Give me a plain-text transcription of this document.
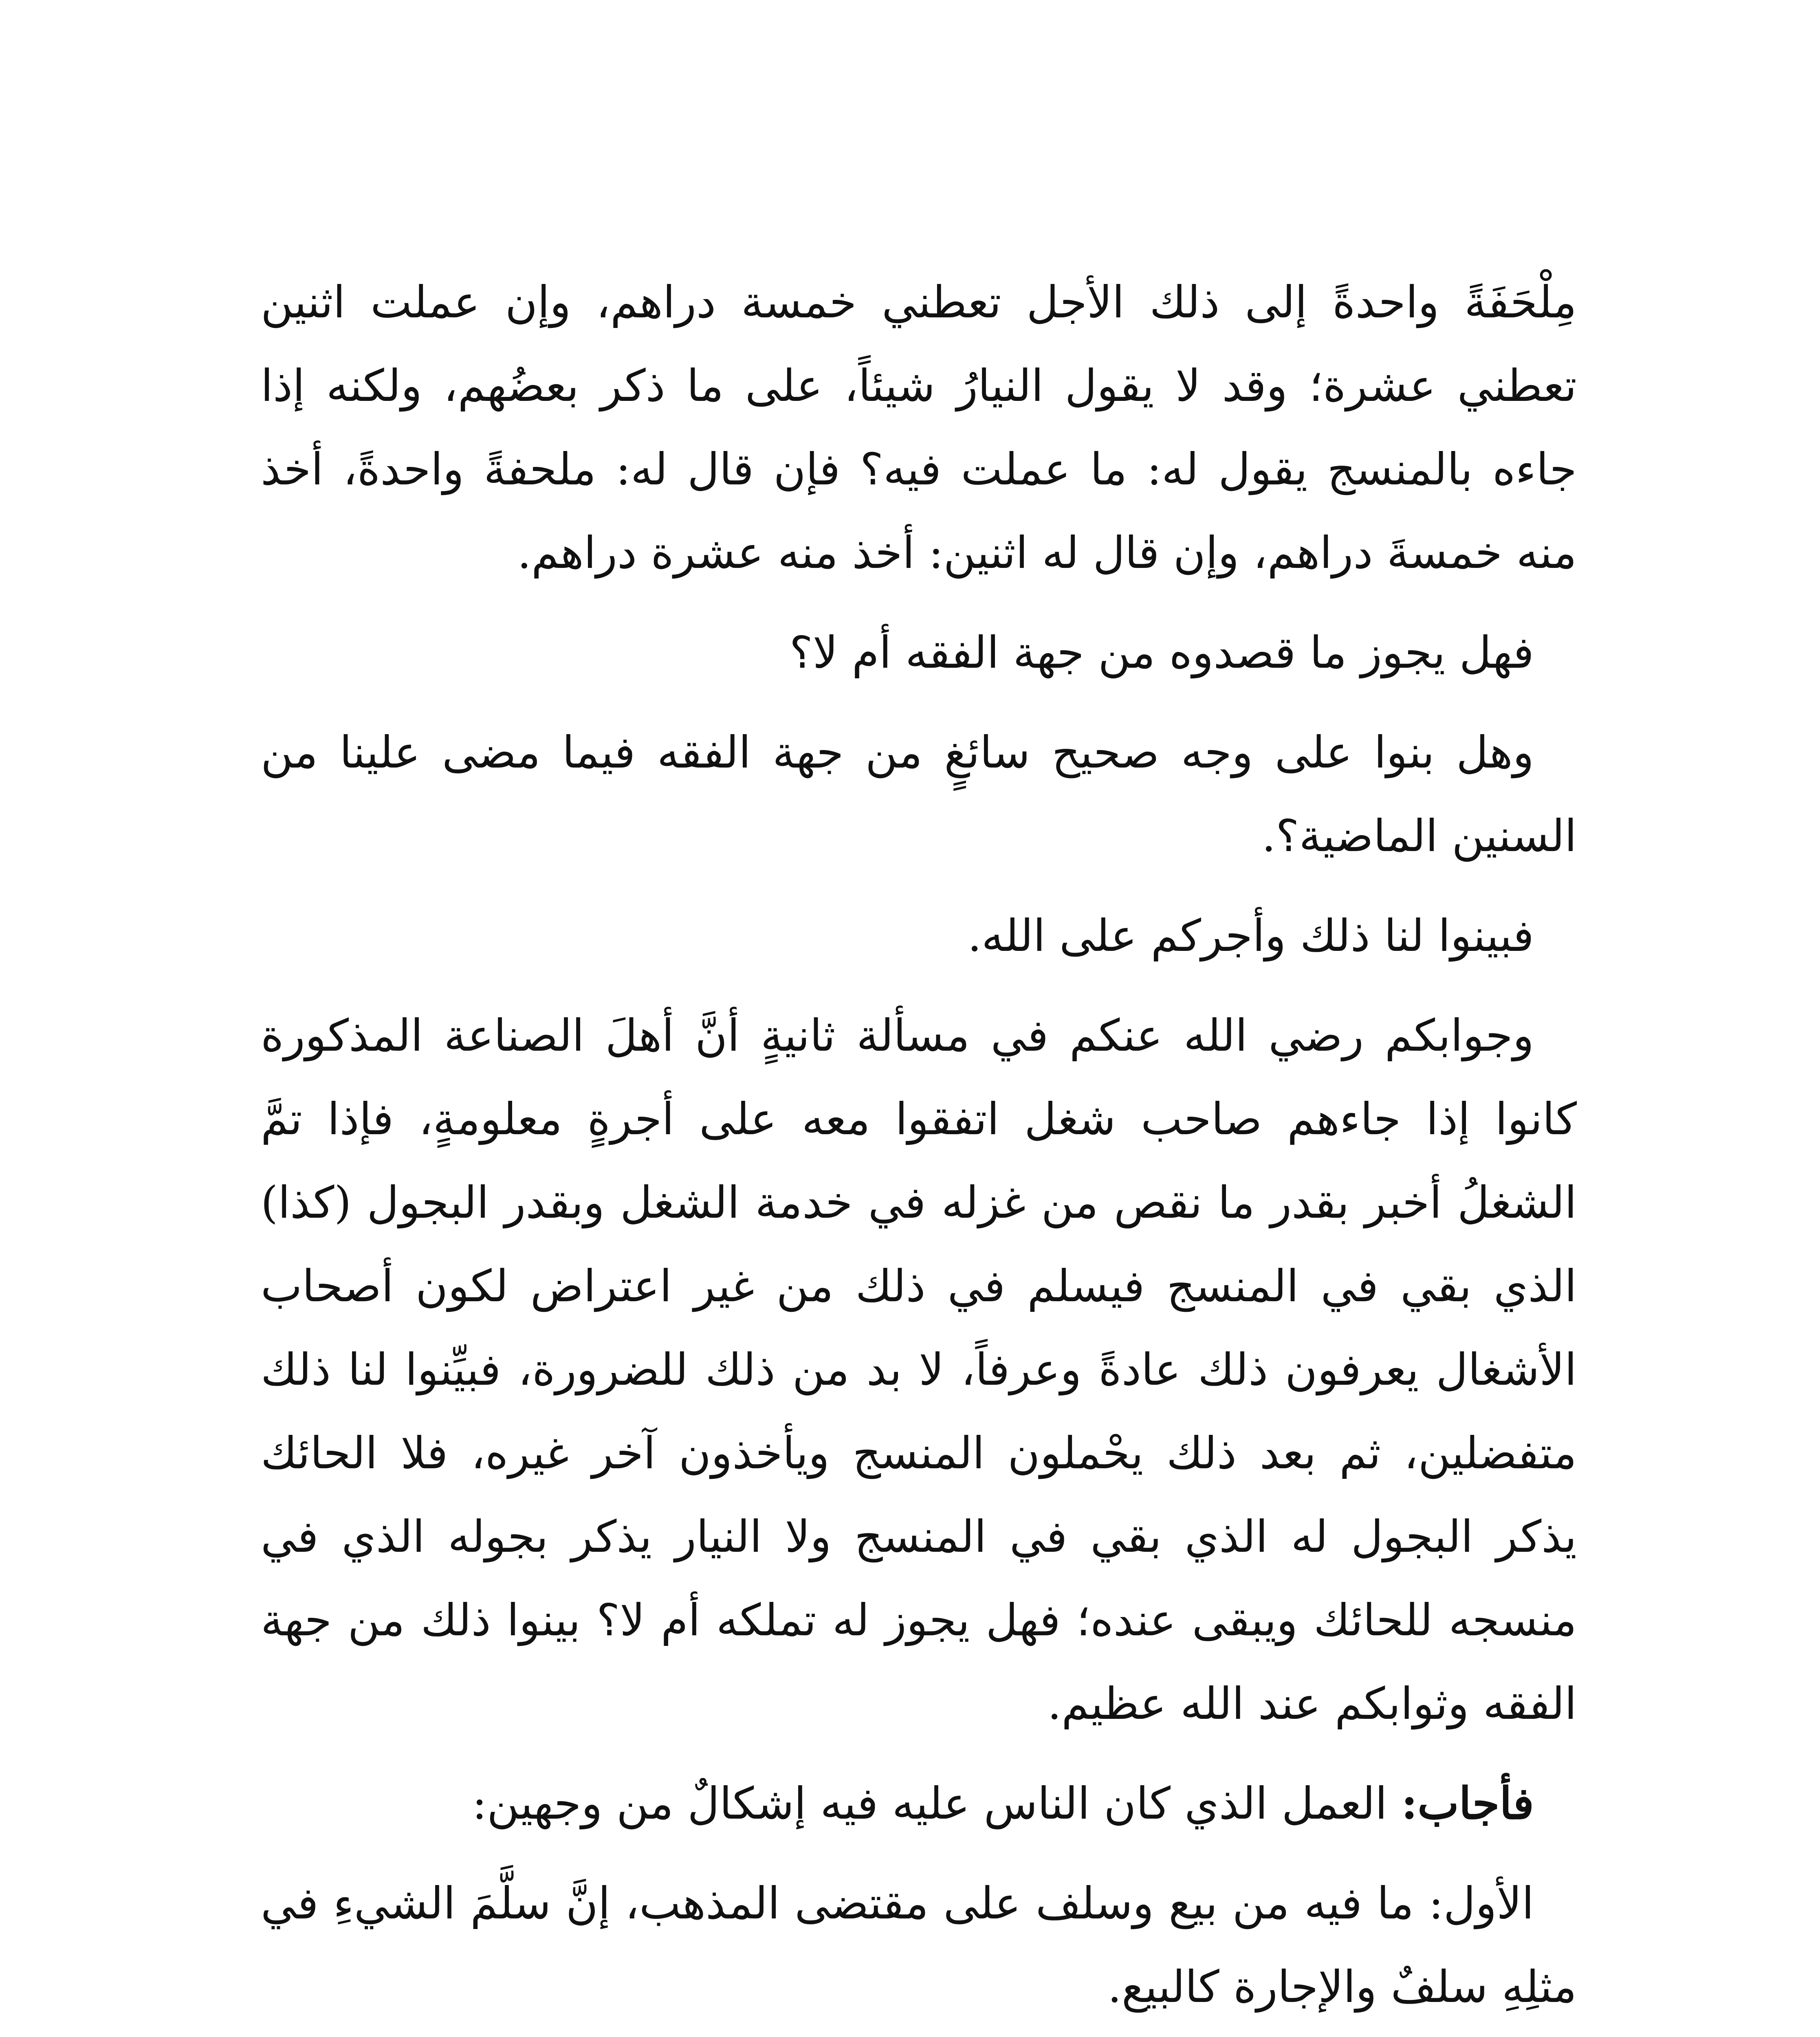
مِلْحَفَةً واحدةً إلى ذلك الأجل تعطني خمسة دراهم، وإن عملت اثنين تعطني عشرة؛ وقد لا يقول النيارُ شيئاً، على ما ذكر بعضُهم، ولكنه إذا جاءه بالمنسج يقول له: ما عملت فيه؟ فإن قال له: ملحفةً واحدةً، أخذ منه خمسةَ دراهم، وإن قال له اثنين: أخذ منه عشرة دراهم.

فهل يجوز ما قصدوه من جهة الفقه أم لا؟

وهل بنوا على وجه صحيح سائغٍ من جهة الفقه فيما مضى علينا من السنين الماضية؟.

فبينوا لنا ذلك وأجركم على الله.

وجوابكم رضي الله عنكم في مسألة ثانيةٍ أنَّ أهلَ الصناعة المذكورة كانوا إذا جاءهم صاحب شغل اتفقوا معه على أجرةٍ معلومةٍ، فإذا تمَّ الشغلُ أخبر بقدر ما نقص من غزله في خدمة الشغل وبقدر البجول (كذا) الذي بقي في المنسج فيسلم في ذلك من غير اعتراض لكون أصحاب الأشغال يعرفون ذلك عادةً وعرفاً، لا بد من ذلك للضرورة، فبيِّنوا لنا ذلك متفضلين، ثم بعد ذلك يحْملون المنسج ويأخذون آخر غيره، فلا الحائك يذكر البجول له الذي بقي في المنسج ولا النيار يذكر بجوله الذي في منسجه للحائك ويبقى عنده؛ فهل يجوز له تملكه أم لا؟ بينوا ذلك من جهة الفقه وثوابكم عند الله عظيم.

فأجاب: العمل الذي كان الناس عليه فيه إشكالٌ من وجهين:

الأول: ما فيه من بيع وسلف على مقتضى المذهب، إنَّ سلَّمَ الشيءِ في مثلِهِ سلفٌ والإجارة كالبيع.
